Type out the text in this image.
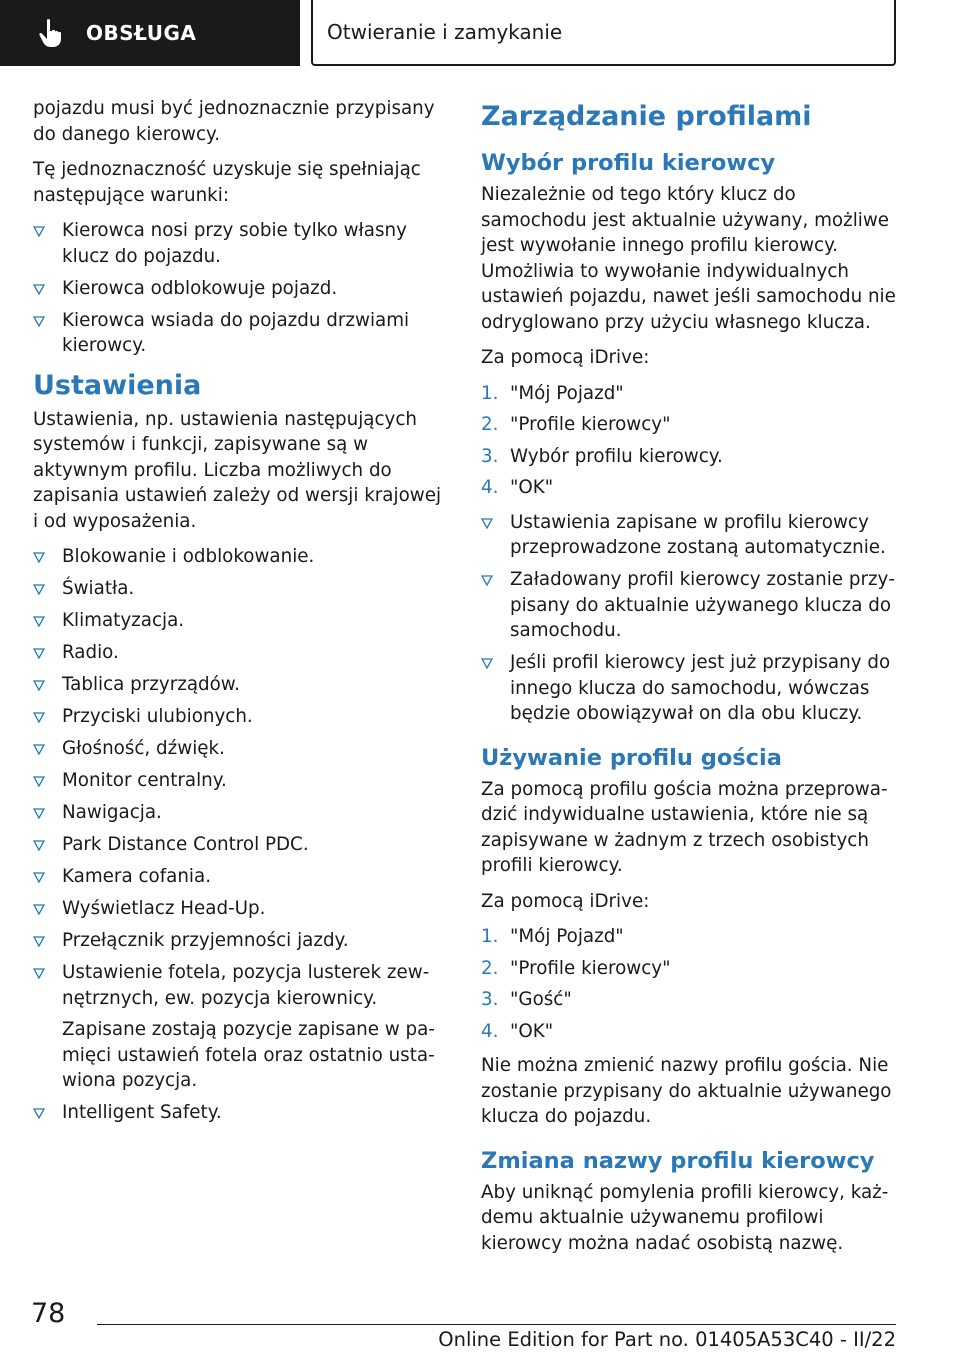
OBSŁUGA	Otwieranie i zamykanie

pojazdu musi być jednoznacznie przypisany do danego kierowcy.

Tę jednoznaczność uzyskuje się spełniając następujące warunki:

Kierowca nosi przy sobie tylko własny klucz do pojazdu.
Kierowca odblokowuje pojazd.
Kierowca wsiada do pojazdu drzwiami kierowcy.
Ustawienia

Ustawienia, np. ustawienia następujących systemów i funkcji, zapisywane są w aktywnym profilu. Liczba możliwych do zapisania ustawień zależy od wersji krajowej i od wyposażenia.

Blokowanie i odblokowanie.
Światła.
Klimatyzacja.
Radio.
Tablica przyrządów.
Przyciski ulubionych.
Głośność, dźwięk.
Monitor centralny.
Nawigacja.
Park Distance Control PDC.
Kamera cofania.
Wyświetlacz Head-Up.
Przełącznik przyjemności jazdy.
Ustawienie fotela, pozycja lusterek zewnętrznych, ew. pozycja kierownicy.
Zapisane zostają pozycje zapisane w pamięci ustawień fotela oraz ostatnio ustawiona pozycja.
Intelligent Safety.
Zarządzanie profilami
Wybór profilu kierowcy

Niezależnie od tego który klucz do samochodu jest aktualnie używany, możliwe jest wywołanie innego profilu kierowcy. Umożliwia to wywołanie indywidualnych ustawień pojazdu, nawet jeśli samochodu nie odryglowano przy użyciu własnego klucza.

Za pomocą iDrive:

1. "Mój Pojazd"
2. "Profile kierowcy"
3. Wybór profilu kierowcy.
4. "OK"
Ustawienia zapisane w profilu kierowcy przeprowadzone zostaną automatycznie.
Załadowany profil kierowcy zostanie przypisany do aktualnie używanego klucza do samochodu.
Jeśli profil kierowcy jest już przypisany do innego klucza do samochodu, wówczas będzie obowiązywał on dla obu kluczy.
Używanie profilu gościa

Za pomocą profilu gościa można przeprowadzić indywidualne ustawienia, które nie są zapisywane w żadnym z trzech osobistych profili kierowcy.

Za pomocą iDrive:

1. "Mój Pojazd"
2. "Profile kierowcy"
3. "Gość"
4. "OK"

Nie można zmienić nazwy profilu gościa. Nie zostanie przypisany do aktualnie używanego klucza do pojazdu.

Zmiana nazwy profilu kierowcy

Aby uniknąć pomylenia profili kierowcy, każdemu aktualnie używanemu profilowi kierowcy można nadać osobistą nazwę.

78
Online Edition for Part no. 01405A53C40 - II/22
